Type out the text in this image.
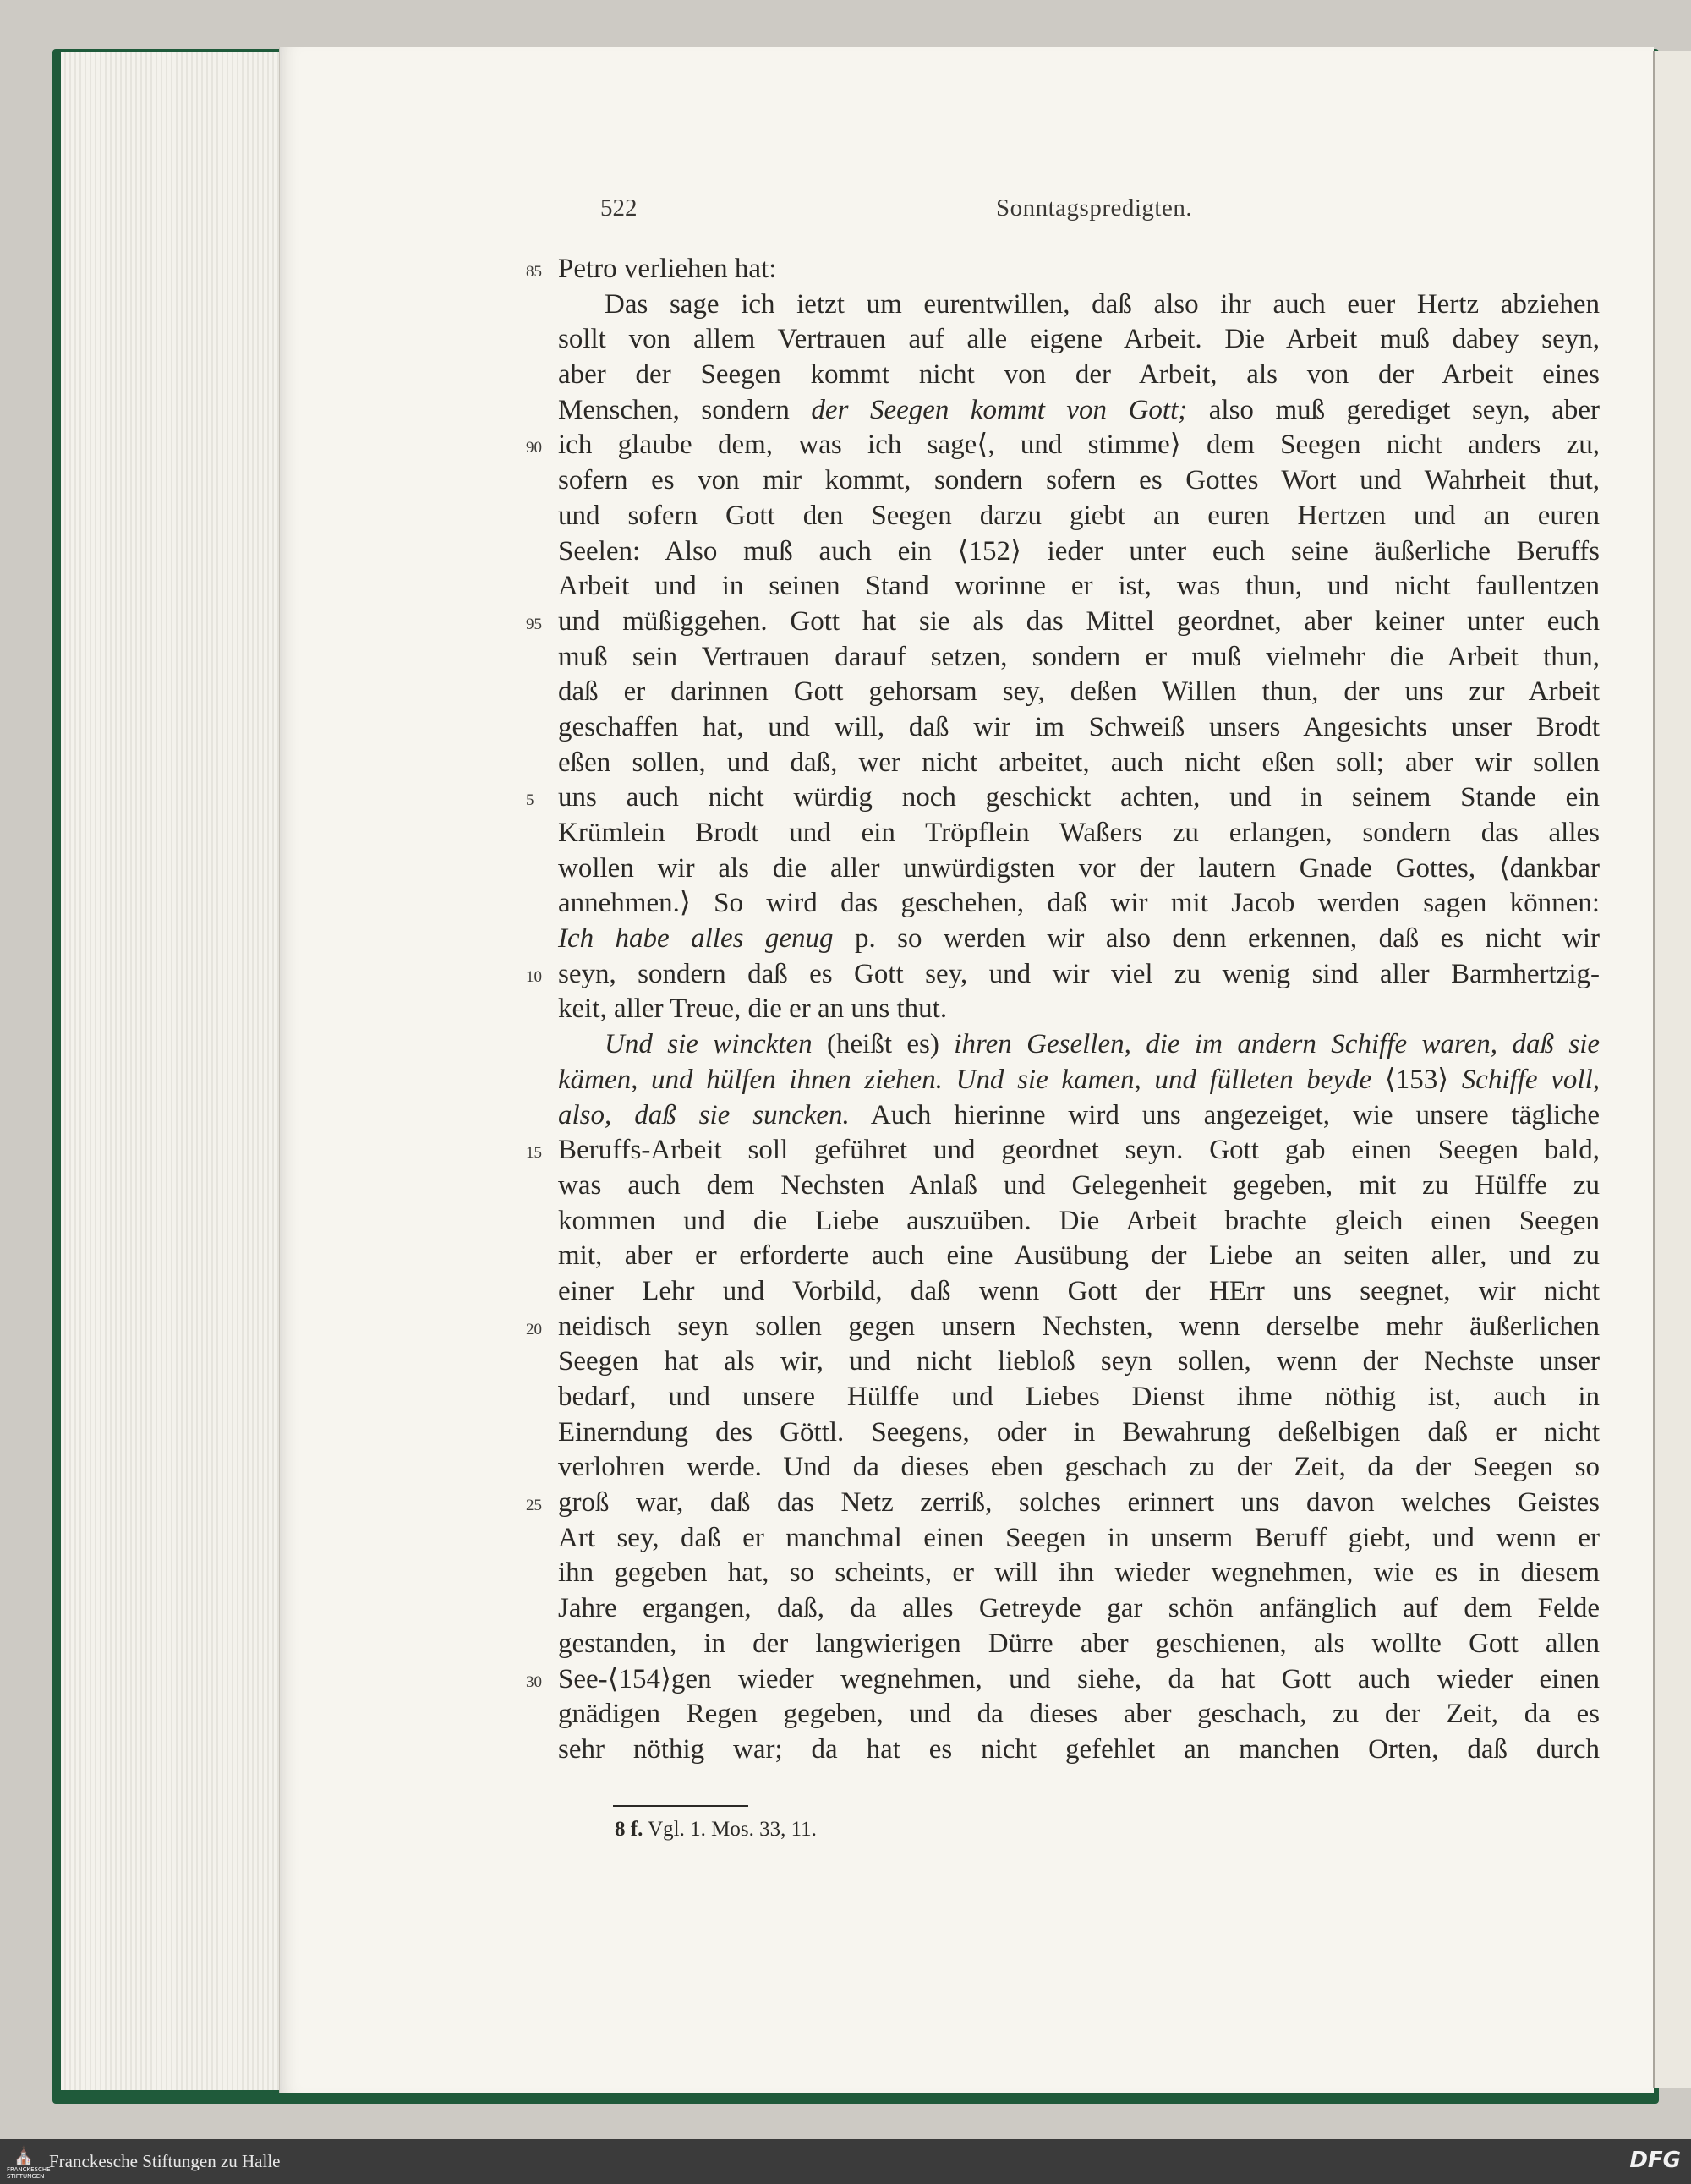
522	Sonntagspredigten.
85 Petro verliehen hat:
Das sage ich ietzt um eurentwillen, daß also ihr auch euer Hertz abziehen
sollt von allem Vertrauen auf alle eigene Arbeit. Die Arbeit muß dabey seyn,
aber der Seegen kommt nicht von der Arbeit, als von der Arbeit eines
Menschen, sondern der Seegen kommt von Gott; also muß gerediget seyn, aber
90 ich glaube dem, was ich sage⟨, und stimme⟩ dem Seegen nicht anders zu,
sofern es von mir kommt, sondern sofern es Gottes Wort und Wahrheit thut,
und sofern Gott den Seegen darzu giebt an euren Hertzen und an euren
Seelen: Also muß auch ein ⟨152⟩ ieder unter euch seine äußerliche Beruffs
Arbeit und in seinen Stand worinne er ist, was thun, und nicht faullentzen
95 und müßiggehen. Gott hat sie als das Mittel geordnet, aber keiner unter euch
muß sein Vertrauen darauf setzen, sondern er muß vielmehr die Arbeit thun,
daß er darinnen Gott gehorsam sey, deßen Willen thun, der uns zur Arbeit
geschaffen hat, und will, daß wir im Schweiß unsers Angesichts unser Brodt
eßen sollen, und daß, wer nicht arbeitet, auch nicht eßen soll; aber wir sollen
5 uns auch nicht würdig noch geschickt achten, und in seinem Stande ein
Krümlein Brodt und ein Tröpflein Waßers zu erlangen, sondern das alles
wollen wir als die aller unwürdigsten vor der lautern Gnade Gottes, ⟨dankbar
annehmen.⟩ So wird das geschehen, daß wir mit Jacob werden sagen können:
Ich habe alles genug p. so werden wir also denn erkennen, daß es nicht wir
10 seyn, sondern daß es Gott sey, und wir viel zu wenig sind aller Barmhertzig-
keit, aller Treue, die er an uns thut.
Und sie winckten (heißt es) ihren Gesellen, die im andern Schiffe waren, daß sie
kämen, und hülfen ihnen ziehen. Und sie kamen, und fülleten beyde ⟨153⟩ Schiffe voll,
also, daß sie suncken. Auch hierinne wird uns angezeiget, wie unsere tägliche
15 Beruffs-Arbeit soll geführet und geordnet seyn. Gott gab einen Seegen bald,
was auch dem Nechsten Anlaß und Gelegenheit gegeben, mit zu Hülffe zu
kommen und die Liebe auszuüben. Die Arbeit brachte gleich einen Seegen
mit, aber er erforderte auch eine Ausübung der Liebe an seiten aller, und zu
einer Lehr und Vorbild, daß wenn Gott der HErr uns seegnet, wir nicht
20 neidisch seyn sollen gegen unsern Nechsten, wenn derselbe mehr äußerlichen
Seegen hat als wir, und nicht liebloß seyn sollen, wenn der Nechste unser
bedarf, und unsere Hülffe und Liebes Dienst ihme nöthig ist, auch in
Einerndung des Göttl. Seegens, oder in Bewahrung deßelbigen daß er nicht
verlohren werde. Und da dieses eben geschach zu der Zeit, da der Seegen so
25 groß war, daß das Netz zerriß, solches erinnert uns davon welches Geistes
Art sey, daß er manchmal einen Seegen in unserm Beruff giebt, und wenn er
ihn gegeben hat, so scheints, er will ihn wieder wegnehmen, wie es in diesem
Jahre ergangen, daß, da alles Getreyde gar schön anfänglich auf dem Felde
gestanden, in der langwierigen Dürre aber geschienen, als wollte Gott allen
30 See-⟨154⟩gen wieder wegnehmen, und siehe, da hat Gott auch wieder einen
gnädigen Regen gegeben, und da dieses aber geschach, zu der Zeit, da es
sehr nöthig war; da hat es nicht gefehlet an manchen Orten, daß durch
8 f. Vgl. 1. Mos. 33, 11.
⛪
FRANCKESCHE STIFTUNGEN
Franckesche Stiftungen zu Halle	DFG
